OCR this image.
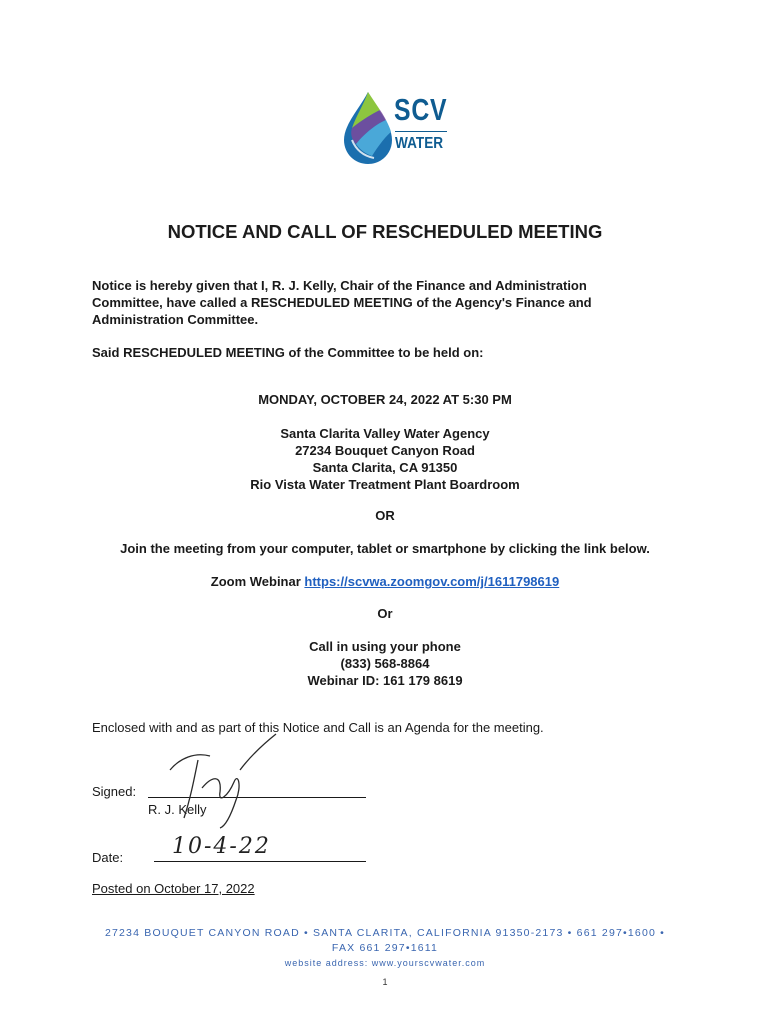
SCV
WATER
NOTICE AND CALL OF RESCHEDULED MEETING
Notice is hereby given that I, R. J. Kelly, Chair of the Finance and Administration
Committee, have called a RESCHEDULED MEETING of the Agency's Finance and
Administration Committee.
Said RESCHEDULED MEETING of the Committee to be held on:
MONDAY, OCTOBER 24, 2022 AT 5:30 PM
Santa Clarita Valley Water Agency
27234 Bouquet Canyon Road
Santa Clarita, CA 91350
Rio Vista Water Treatment Plant Boardroom
OR
Join the meeting from your computer, tablet or smartphone by clicking the link below.
Zoom Webinar https://scvwa.zoomgov.com/j/1611798619
Or
Call in using your phone
(833) 568-8864
Webinar ID: 161 179 8619
Enclosed with and as part of this Notice and Call is an Agenda for the meeting.
Signed:
R. J. Kelly
Date: 10-4-22
Posted on October 17, 2022
27234 BOUQUET CANYON ROAD • SANTA CLARITA, CALIFORNIA 91350-2173 • 661 297•1600 •
FAX 661 297•1611
website address: www.yourscvwater.com
1
